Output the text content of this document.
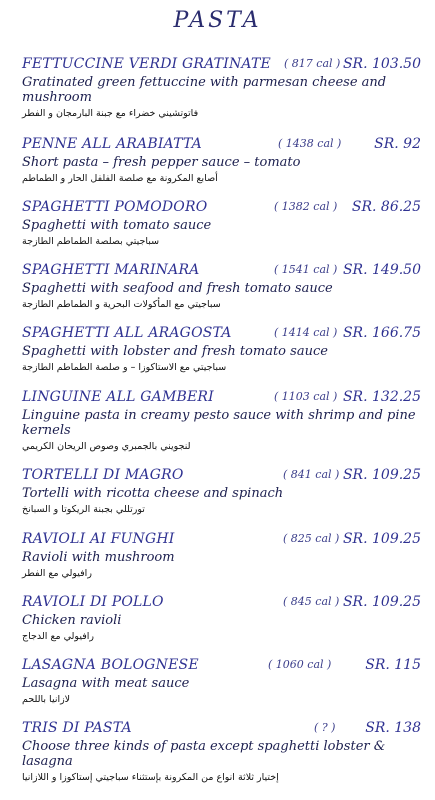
PASTA
FETTUCCINE VERDI GRATINATE ( 817 cal ) SR. 103.50
Gratinated green fettuccine with parmesan cheese and mushroom
فاتوتشيني خضراء مع جبنة البارمجان و الفطر
PENNE ALL ARABIATTA	( 1438 cal ) SR. 92
Short pasta – fresh pepper sauce – tomato
أصابع المكرونة مع صلصة الفلفل الحار و الطماطم
SPAGHETTI POMODORO	( 1382 cal ) SR. 86.25
Spaghetti with tomato sauce
سباجيتي بصلصة الطماطم الطازجة
SPAGHETTI MARINARA	( 1541 cal ) SR. 149.50
Spaghetti with seafood and fresh tomato sauce
سباجيتي مع المأكولات البحرية و الطماطم الطازجة
SPAGHETTI ALL ARAGOSTA	( 1414 cal ) SR. 166.75
Spaghetti with lobster and fresh tomato sauce
سباجيتي مع الاستاكوزا – و صلصة الطماطم الطازجة
LINGUINE ALL GAMBERI	( 1103 cal ) SR. 132.25
Linguine pasta in creamy pesto sauce with shrimp and pine kernels
لنجويني بالجمبري وصوص الريحان الكريمي
TORTELLI DI MAGRO	( 841 cal ) SR. 109.25
Tortelli with ricotta cheese and spinach
تورتللي بجبنة الريكوتا و السبانخ
RAVIOLI AI FUNGHI	( 825 cal ) SR. 109.25
Ravioli with mushroom
رافيولي مع الفطر
RAVIOLI DI POLLO	( 845 cal ) SR. 109.25
Chicken ravioli
رافيولي مع الدجاج
LASAGNA BOLOGNESE	( 1060 cal ) SR. 115
Lasagna with meat sauce
لازانيا باللحم
TRIS DI PASTA	( ? ) SR. 138
Choose three kinds of pasta except spaghetti lobster & lasagna
إختيار ثلاثة انواع من المكرونة بإستثناء سباجيتي إستاكوزا و اللازانيا
